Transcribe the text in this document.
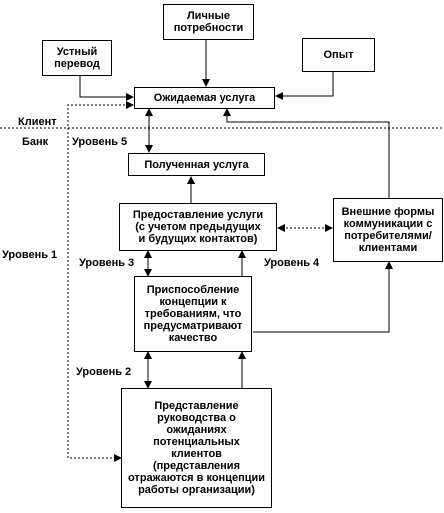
Личные
потребности
Устный
перевод
Опыт
Ожидаемая услуга
Полученная услуга
Предоставление услуги
(с учетом предыдущих
и будущих контактов)
Внешние формы
коммуникации с
потребителями/
клиентами
Приспособление
концепции к
требованиям, что
предусматривают
качество
Представление
руководства о
ожиданиях
потенциальных
клиентов
(представления
отражаются в концепции
работы организации)
Клиент
Банк Уровень 5
Уровень 1
Уровень 3	Уровень 4
Уровень 2
